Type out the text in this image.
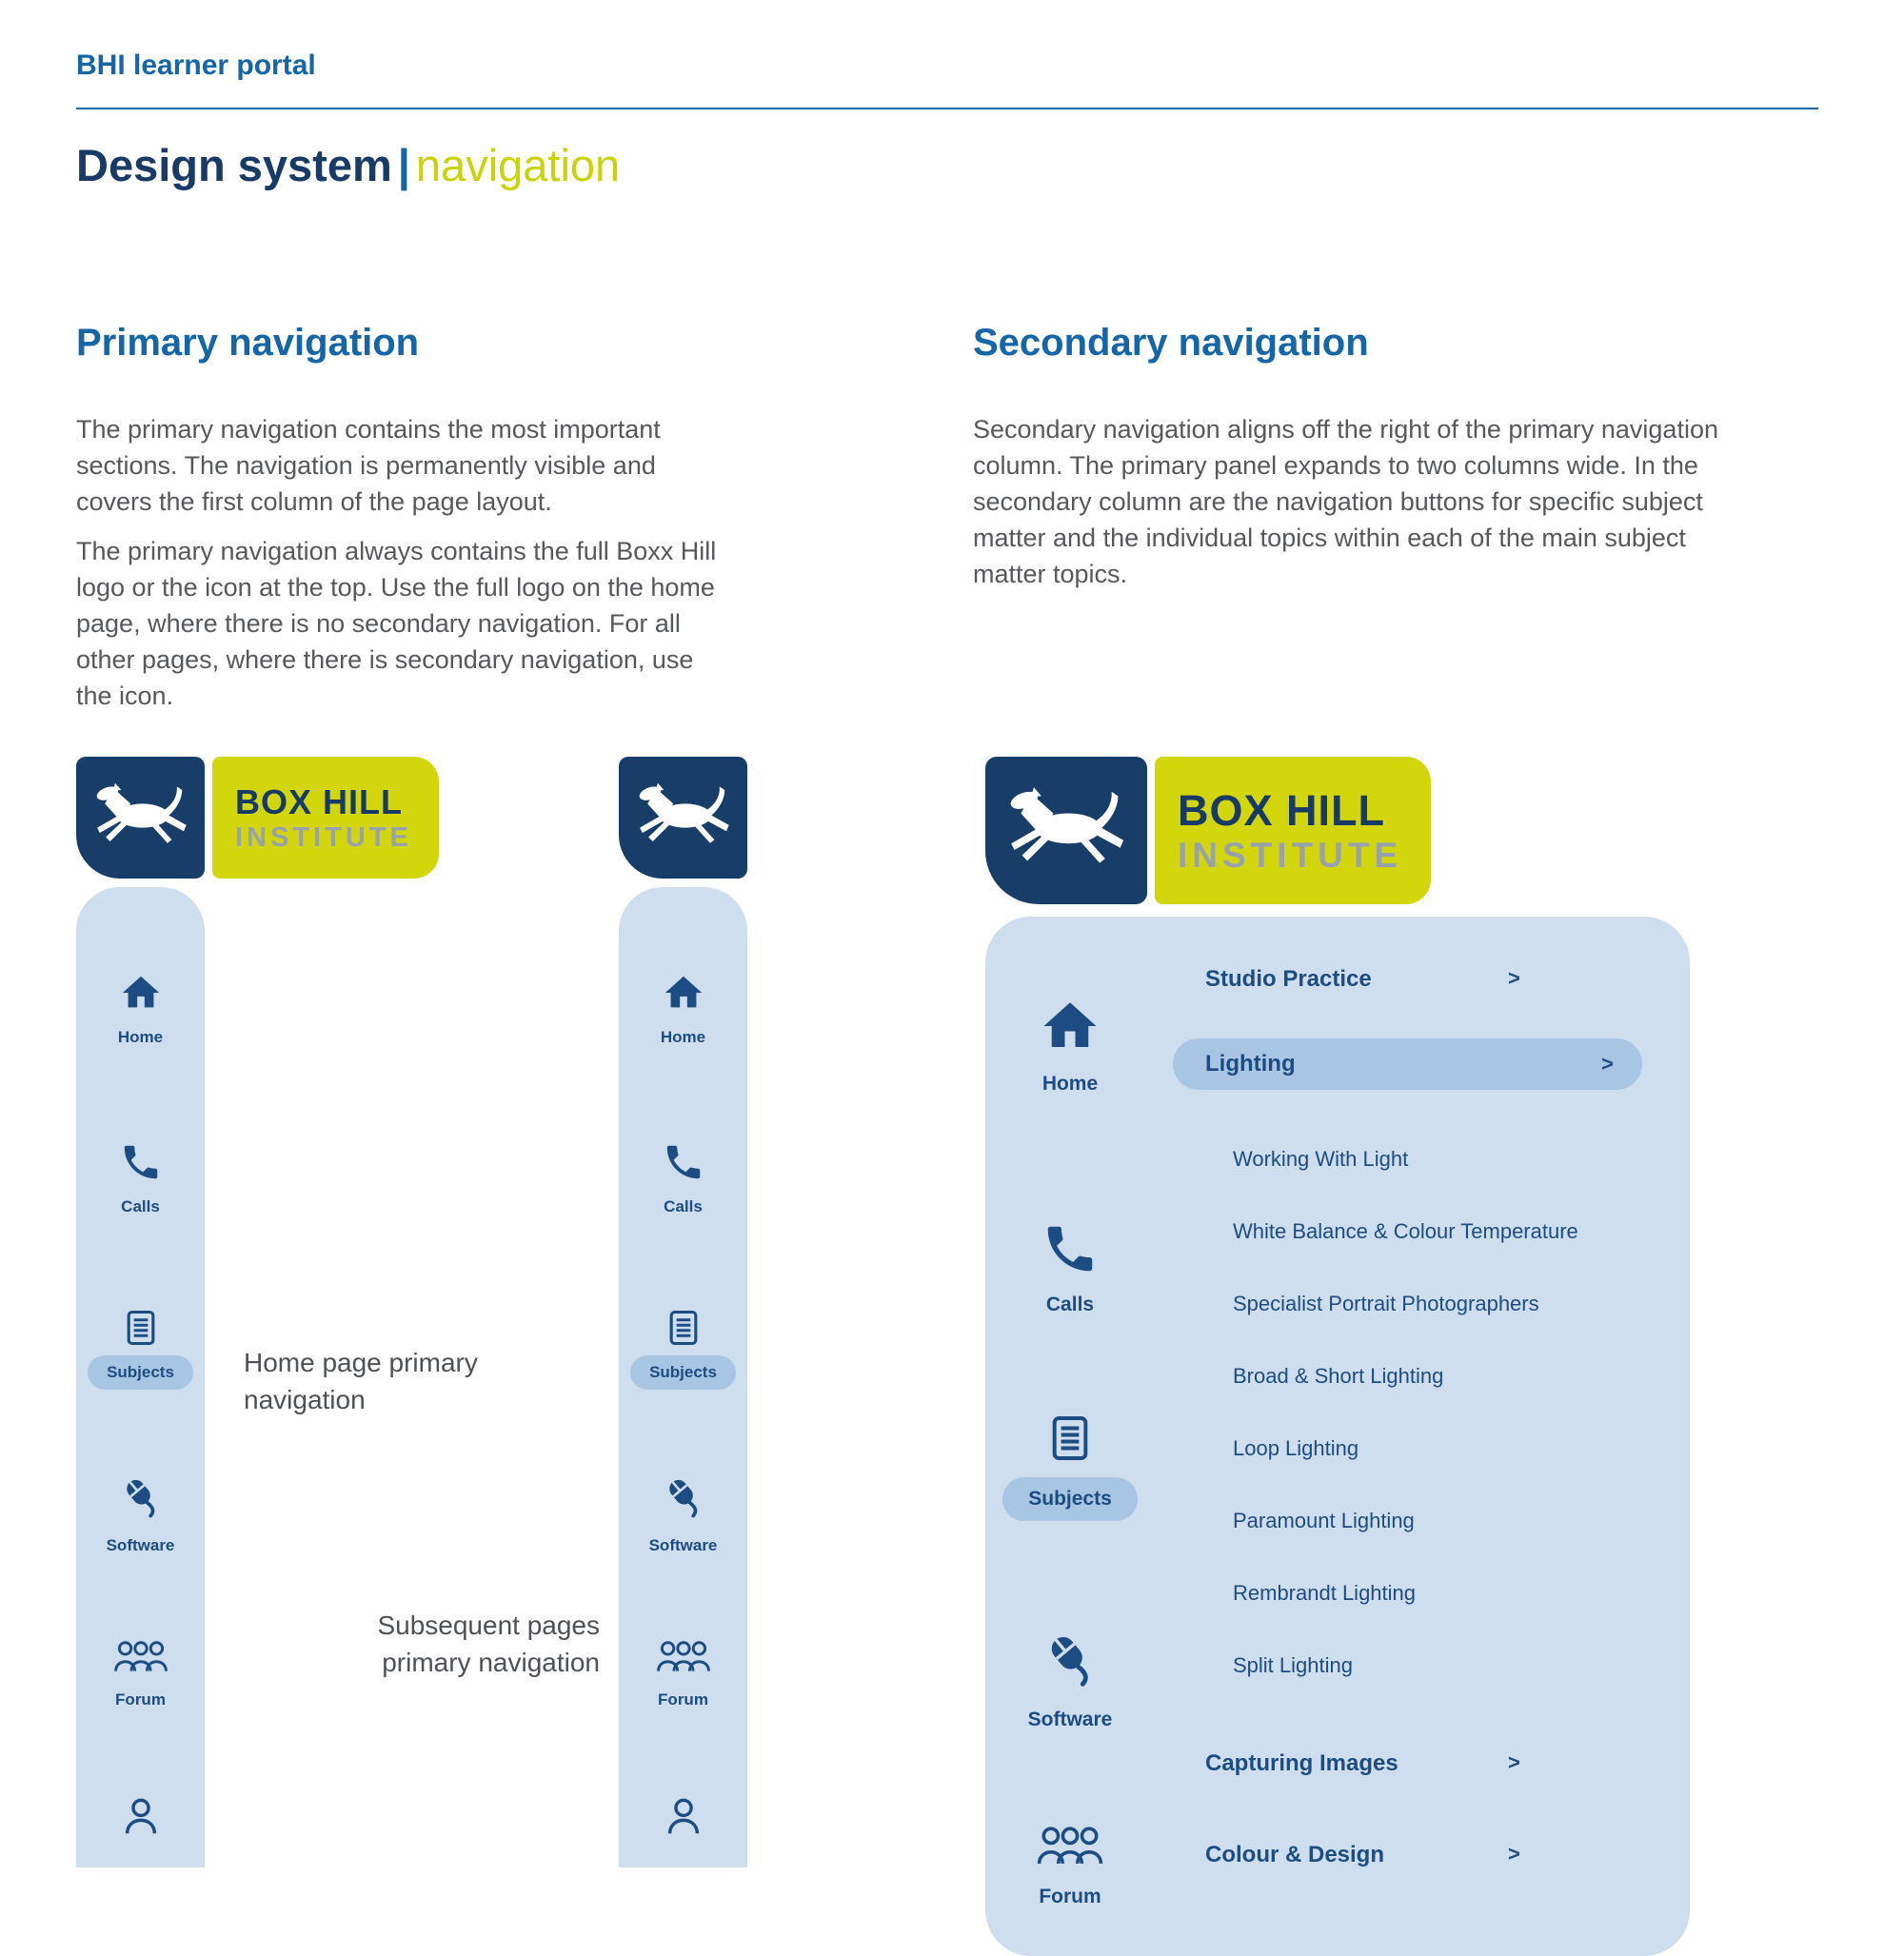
BHI learner portal
Design system | navigation
Primary navigation
The primary navigation contains the most important sections. The navigation is permanently visible and covers the first column of the page layout.
The primary navigation always contains the full Boxx Hill logo or the icon at the top. Use the full logo on the home page, where there is no secondary navigation. For all other pages, where there is secondary navigation, use the icon.
Secondary navigation
Secondary navigation aligns off the right of the primary navigation column. The primary panel expands to two columns wide. In the secondary column are the navigation buttons for specific subject matter and the individual topics within each of the main subject matter topics.
BOX HILL
INSTITUTE
Home
Calls
Subjects
Software
Forum
Home page primary navigation
Home
Calls
Subjects
Software
Forum
Subsequent pages primary navigation
BOX HILL
INSTITUTE
Home
Calls
Subjects
Software
Forum
Studio Practice	>
Lighting	>
Working With Light
White Balance & Colour Temperature
Specialist Portrait Photographers
Broad & Short Lighting
Loop Lighting
Paramount Lighting
Rembrandt Lighting
Split Lighting
Capturing Images	>
Colour & Design	>
